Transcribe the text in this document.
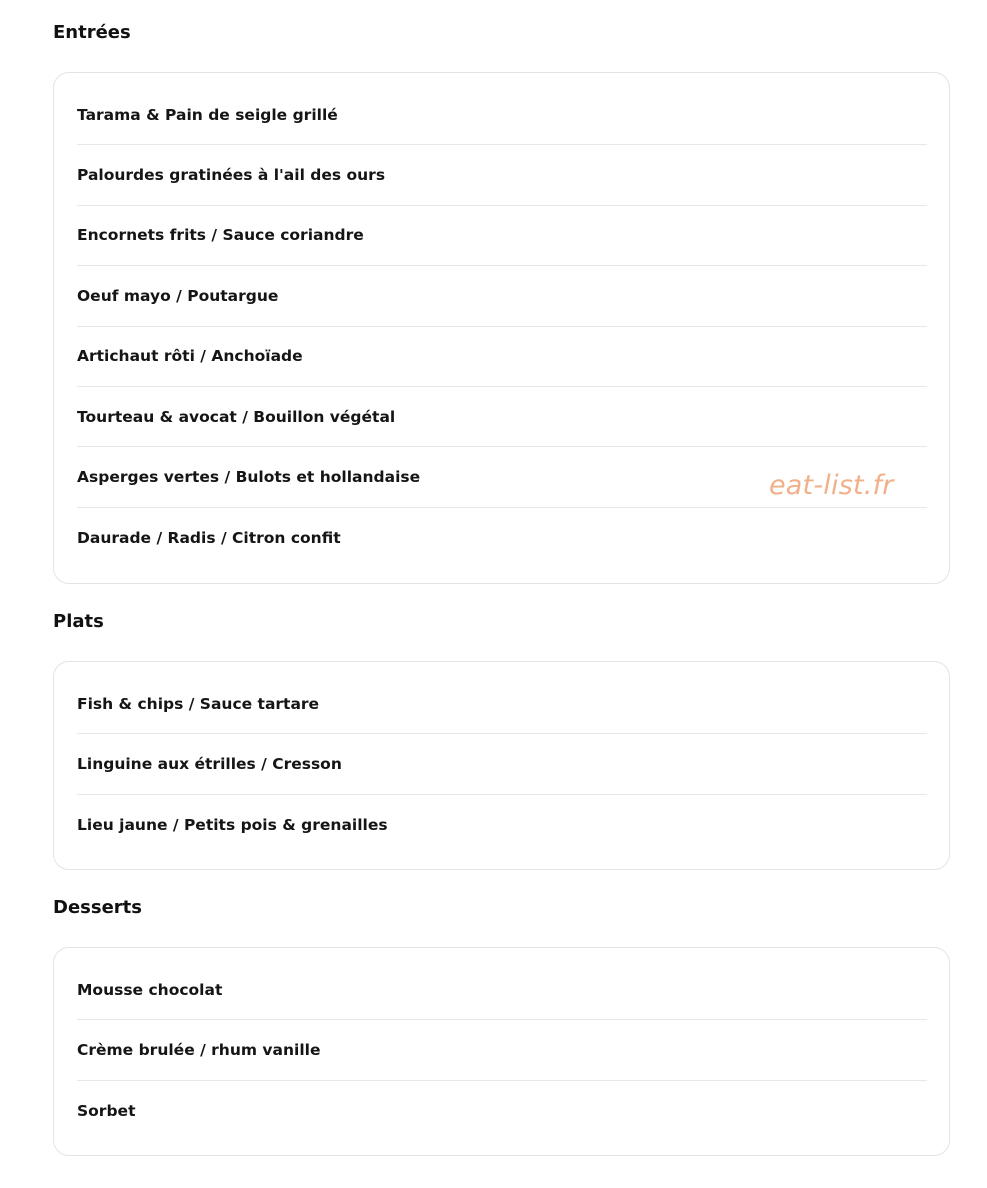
Entrées
Tarama & Pain de seigle grillé
Palourdes gratinées à l'ail des ours
Encornets frits / Sauce coriandre
Oeuf mayo / Poutargue
Artichaut rôti / Anchoïade
Tourteau & avocat / Bouillon végétal
Asperges vertes / Bulots et hollandaise
Daurade / Radis / Citron confit
Plats
Fish & chips / Sauce tartare
Linguine aux étrilles / Cresson
Lieu jaune / Petits pois & grenailles
Desserts
Mousse chocolat
Crème brulée / rhum vanille
Sorbet
eat-list.fr
